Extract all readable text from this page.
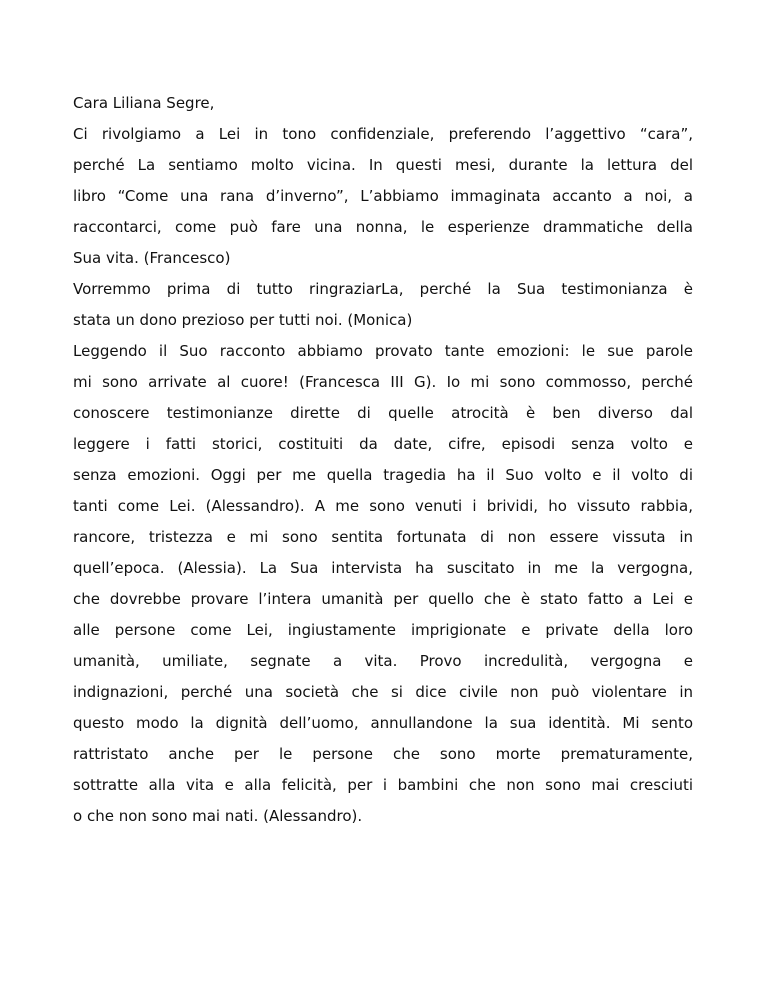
Cara Liliana Segre,
Ci rivolgiamo a Lei in tono confidenziale, preferendo l’aggettivo “cara”,
perché La sentiamo molto vicina. In questi mesi, durante la lettura del
libro “Come una rana d’inverno”, L’abbiamo immaginata accanto a noi, a
raccontarci, come può fare una nonna, le esperienze drammatiche della
Sua vita. (Francesco)
Vorremmo prima di tutto ringraziarLa, perché la Sua testimonianza è
stata un dono prezioso per tutti noi. (Monica)
Leggendo il Suo racconto abbiamo provato tante emozioni: le sue parole
mi sono arrivate al cuore! (Francesca III G). Io mi sono commosso, perché
conoscere testimonianze dirette di quelle atrocità è ben diverso dal
leggere i fatti storici, costituiti da date, cifre, episodi senza volto e
senza emozioni. Oggi per me quella tragedia ha il Suo volto e il volto di
tanti come Lei. (Alessandro). A me sono venuti i brividi, ho vissuto rabbia,
rancore, tristezza e mi sono sentita fortunata di non essere vissuta in
quell’epoca. (Alessia). La Sua intervista ha suscitato in me la vergogna,
che dovrebbe provare l’intera umanità per quello che è stato fatto a Lei e
alle persone come Lei, ingiustamente imprigionate e private della loro
umanità, umiliate, segnate a vita. Provo incredulità, vergogna e
indignazioni, perché una società che si dice civile non può violentare in
questo modo la dignità dell’uomo, annullandone la sua identità. Mi sento
rattristato anche per le persone che sono morte prematuramente,
sottratte alla vita e alla felicità, per i bambini che non sono mai cresciuti
o che non sono mai nati. (Alessandro).
